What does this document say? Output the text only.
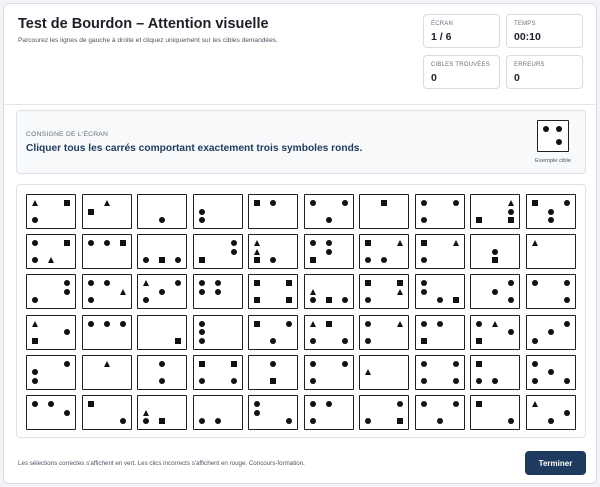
Test de Bourdon – Attention visuelle
Parcourez les lignes de gauche à droite et cliquez uniquement sur les cibles demandées.
ÉCRAN
1 / 6
TEMPS
00:10
CIBLES TROUVÉES
0
ERREURS
0
CONSIGNE DE L'ÉCRAN
Cliquer tous les carrés comportant exactement trois symboles ronds.
Exemple cible
Les sélections correctes s'affichent en vert. Les clics incorrects s'affichent en rouge. Concours-formation.	Terminer
